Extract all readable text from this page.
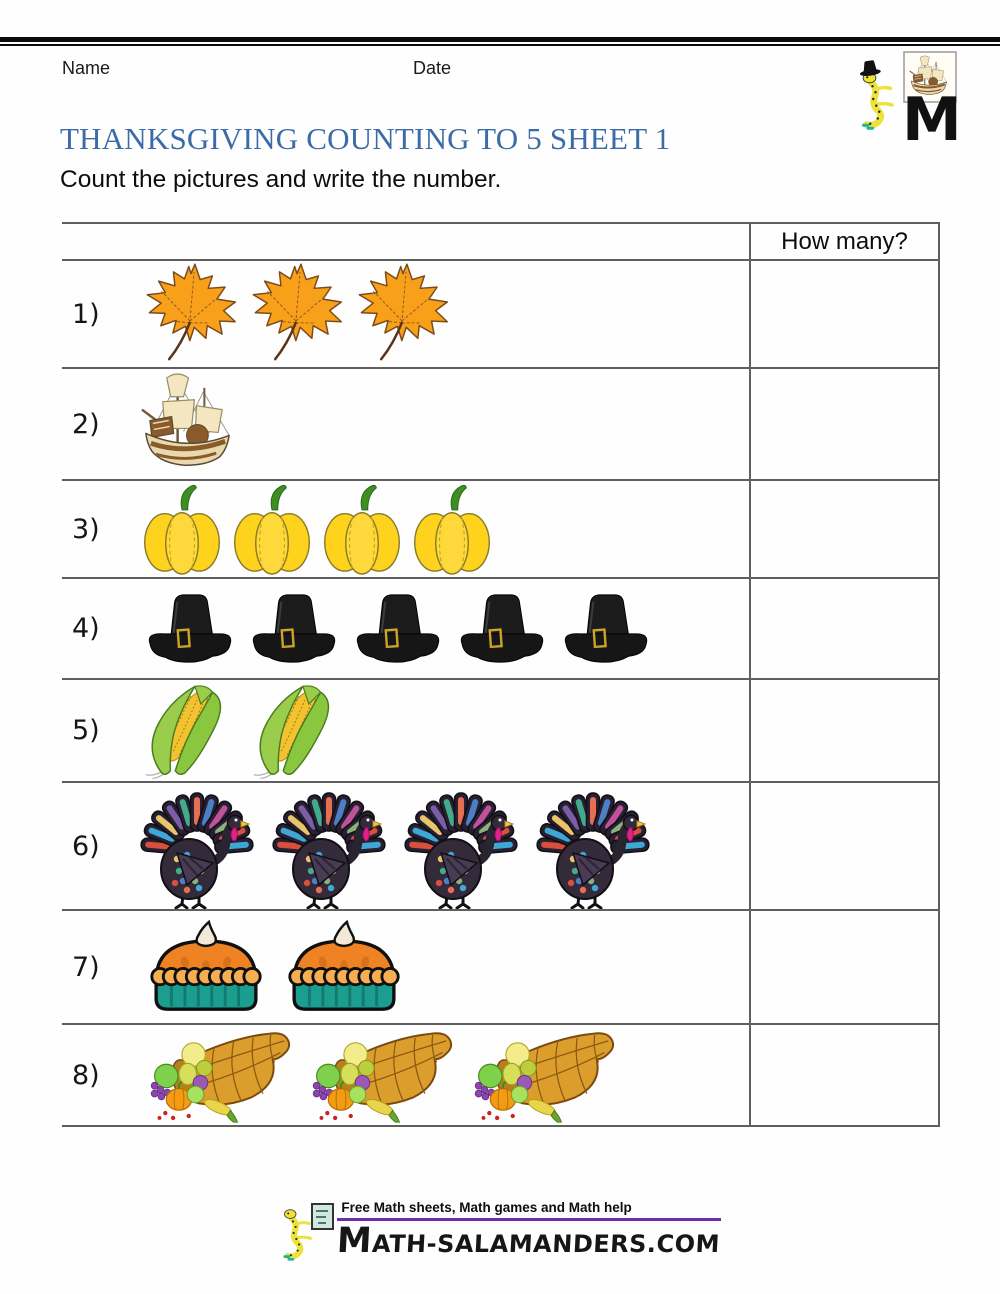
Name	Date
M
THANKSGIVING COUNTING TO 5 SHEET 1
Count the pictures and write the number.
	How many?

1)	

2)	

3)	

4)	

5)	

6)	

7)	

8)	

Free Math sheets, Math games and Math help
MATH-SALAMANDERS.COM
